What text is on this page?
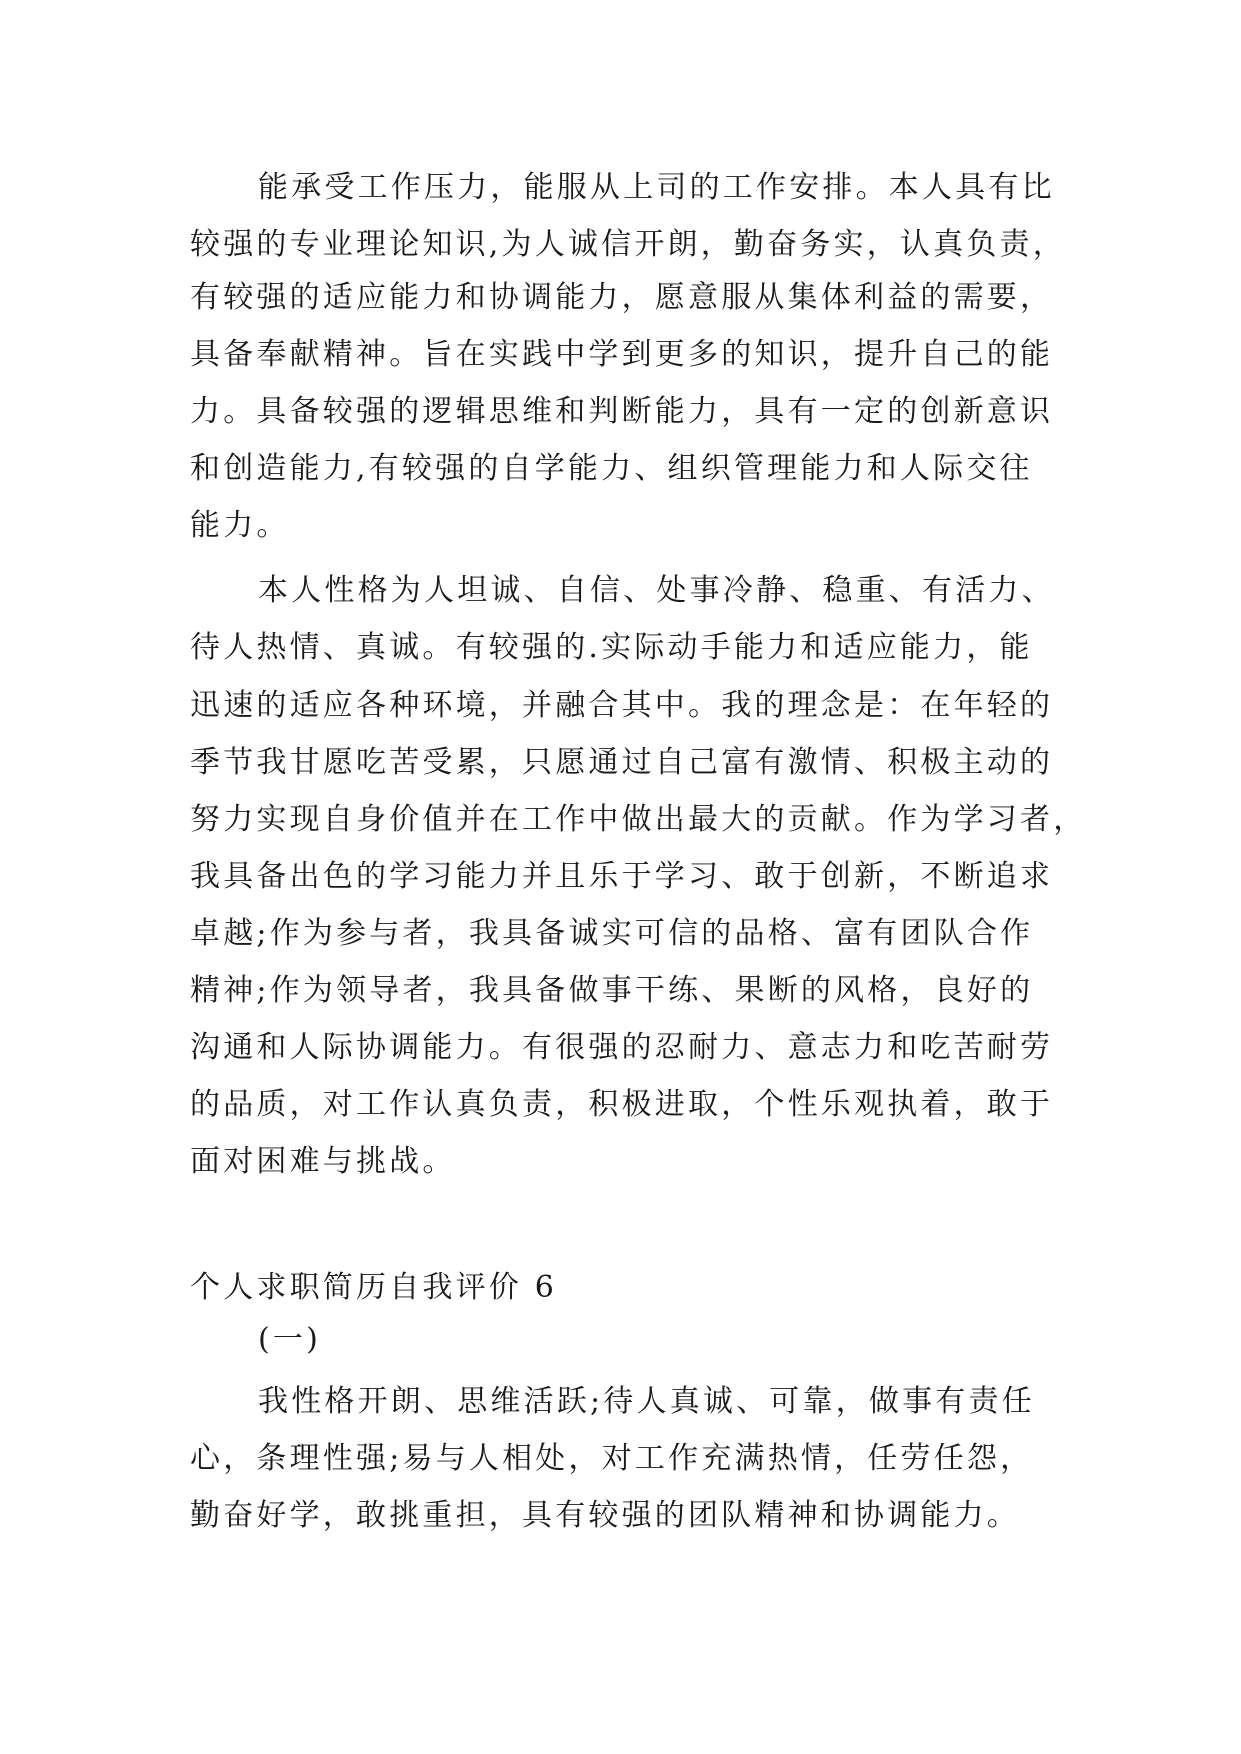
能承受工作压力，能服从上司的工作安排。本人具有比
较强的专业理论知识,为人诚信开朗，勤奋务实，认真负责，
有较强的适应能力和协调能力，愿意服从集体利益的需要，
具备奉献精神。旨在实践中学到更多的知识，提升自己的能
力。具备较强的逻辑思维和判断能力，具有一定的创新意识
和创造能力,有较强的自学能力、组织管理能力和人际交往
能力。
本人性格为人坦诚、自信、处事冷静、稳重、有活力、
待人热情、真诚。有较强的.实际动手能力和适应能力，能
迅速的适应各种环境，并融合其中。我的理念是：在年轻的
季节我甘愿吃苦受累，只愿通过自己富有激情、积极主动的
努力实现自身价值并在工作中做出最大的贡献。作为学习者，
我具备出色的学习能力并且乐于学习、敢于创新，不断追求
卓越;作为参与者，我具备诚实可信的品格、富有团队合作
精神;作为领导者，我具备做事干练、果断的风格，良好的
沟通和人际协调能力。有很强的忍耐力、意志力和吃苦耐劳
的品质，对工作认真负责，积极进取，个性乐观执着，敢于
面对困难与挑战。
个人求职简历自我评价 6
(一)
我性格开朗、思维活跃;待人真诚、可靠，做事有责任
心，条理性强;易与人相处，对工作充满热情，任劳任怨，
勤奋好学，敢挑重担，具有较强的团队精神和协调能力。
